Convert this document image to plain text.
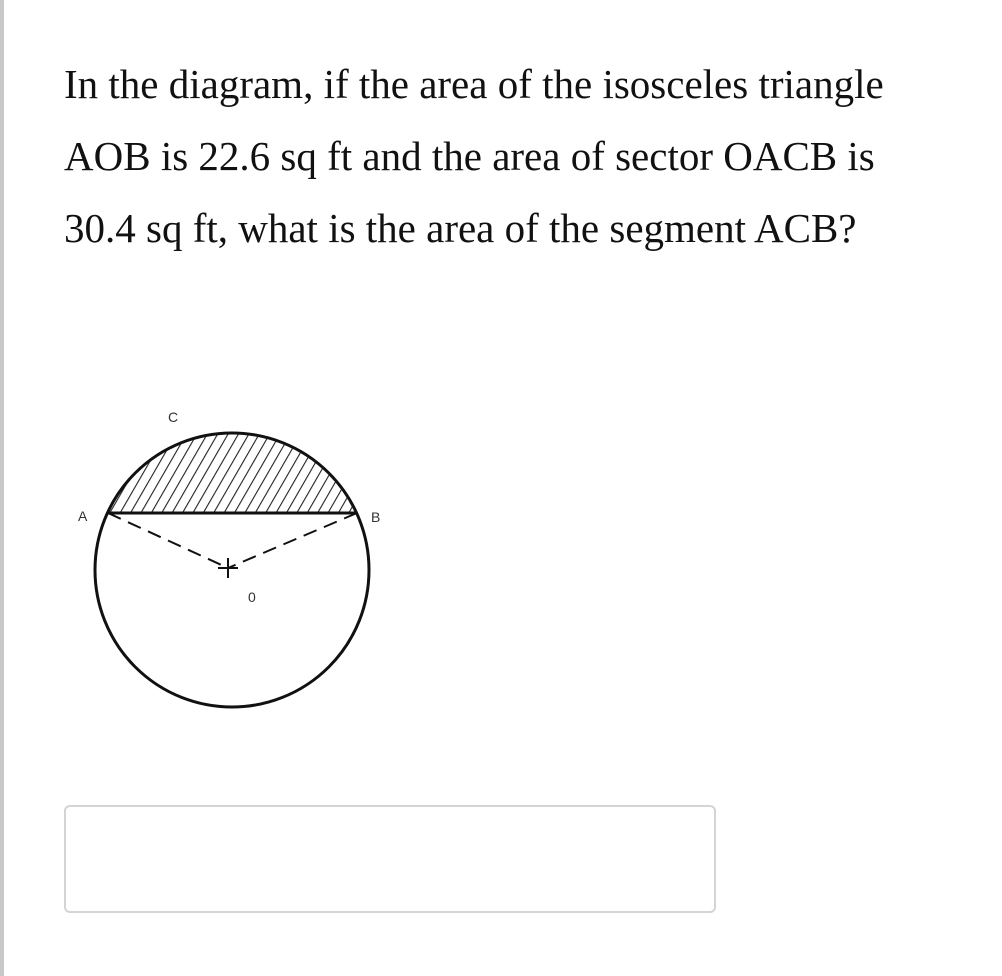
In the diagram, if the area of the isosceles triangle
AOB is 22.6 sq ft and the area of sector OACB is
30.4 sq ft, what is the area of the segment ACB?

A	B
C
0
